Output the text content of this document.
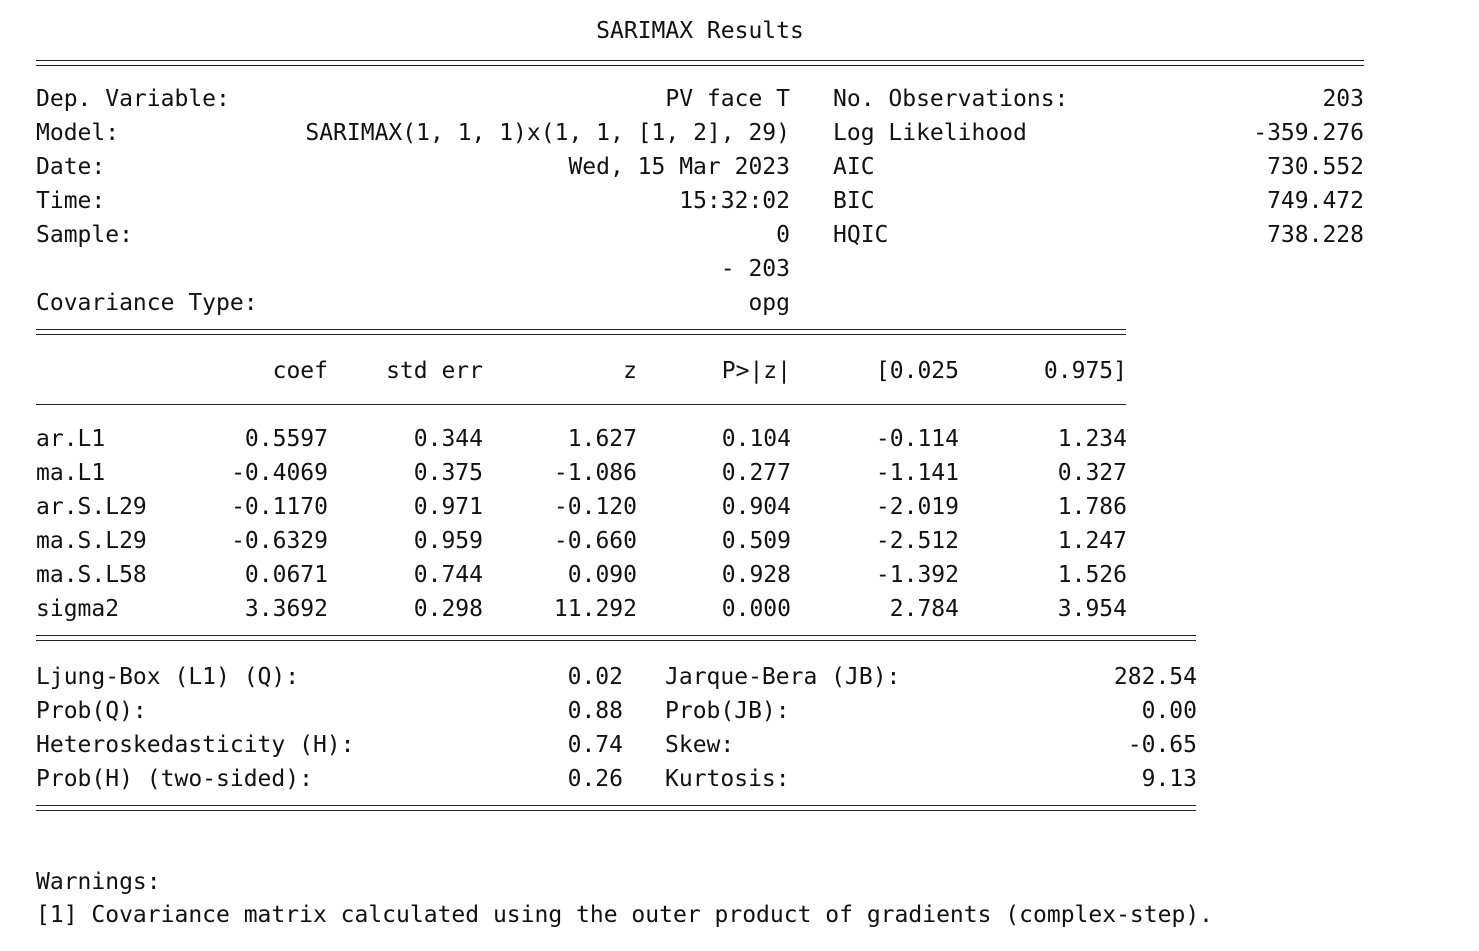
SARIMAX Results
Dep. Variable:	PV face T
Model:	SARIMAX(1, 1, 1)x(1, 1, [1, 2], 29)
Date:	Wed, 15 Mar 2023
Time:	15:32:02
Sample:	0
- 203
Covariance Type:	opg
No. Observations:	203
Log Likelihood	-359.276
AIC	730.552
BIC	749.472
HQIC	738.228
coef	std err	z	P>|z|	[0.025	0.975]
ar.L1	0.5597	0.344	1.627	0.104	-0.114	1.234
ma.L1	-0.4069	0.375	-1.086	0.277	-1.141	0.327
ar.S.L29	-0.1170	0.971	-0.120	0.904	-2.019	1.786
ma.S.L29	-0.6329	0.959	-0.660	0.509	-2.512	1.247
ma.S.L58	0.0671	0.744	0.090	0.928	-1.392	1.526
sigma2	3.3692	0.298	11.292	0.000	2.784	3.954
Ljung-Box (L1) (Q):	0.02 Jarque-Bera (JB):	282.54
Prob(Q):	0.88 Prob(JB):	0.00
Heteroskedasticity (H):	0.74 Skew:	-0.65
Prob(H) (two-sided):	0.26 Kurtosis:	9.13
Warnings:
[1] Covariance matrix calculated using the outer product of gradients (complex-step).
